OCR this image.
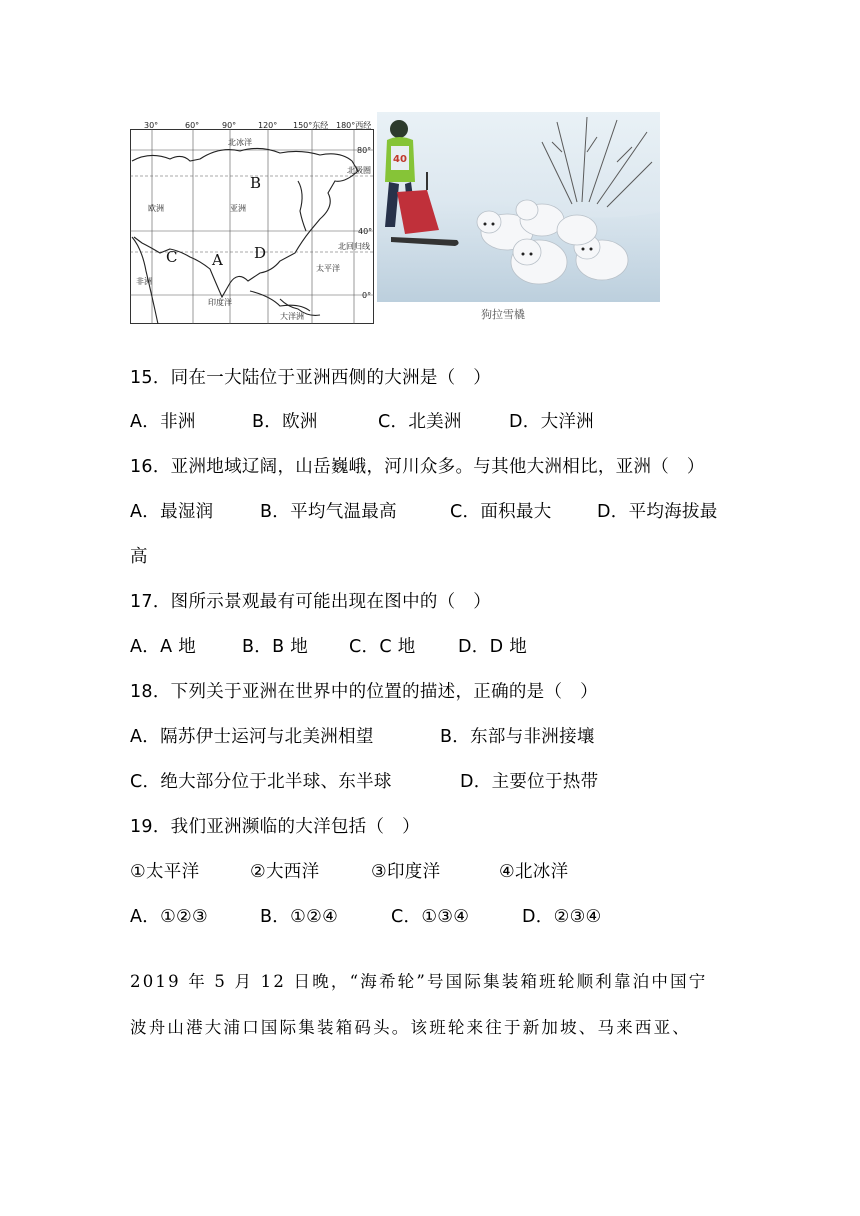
30°	60°	90°	120° 150°东经 180°西经
80°
北极圈
40°
北回归线
0°
北冰洋
太平洋
印度洋
大洋洲
欧洲	亚洲
非洲
A
B
C	D
40
狗拉雪橇
15．同在一大陆位于亚洲西侧的大洲是（　）
A．非洲	B．欧洲	C．北美洲	D．大洋洲
16．亚洲地域辽阔，山岳巍峨，河川众多。与其他大洲相比，亚洲（　）
A．最湿润	B．平均气温最高	C．面积最大	D．平均海拔最
高
17．图所示景观最有可能出现在图中的（　）
A．A 地	B．B 地 C．C 地 D．D 地
18．下列关于亚洲在世界中的位置的描述，正确的是（　）
A．隔苏伊士运河与北美洲相望	B．东部与非洲接壤
C．绝大部分位于北半球、东半球	D．主要位于热带
19．我们亚洲濒临的大洋包括（　）
①太平洋	②大西洋	③印度洋	④北冰洋
A．①②③	B．①②④	C．①③④	D．②③④
2019 年 5 月 12 日晚，“海希轮”号国际集装箱班轮顺利靠泊中国宁
波舟山港大浦口国际集装箱码头。该班轮来往于新加坡、马来西亚、
